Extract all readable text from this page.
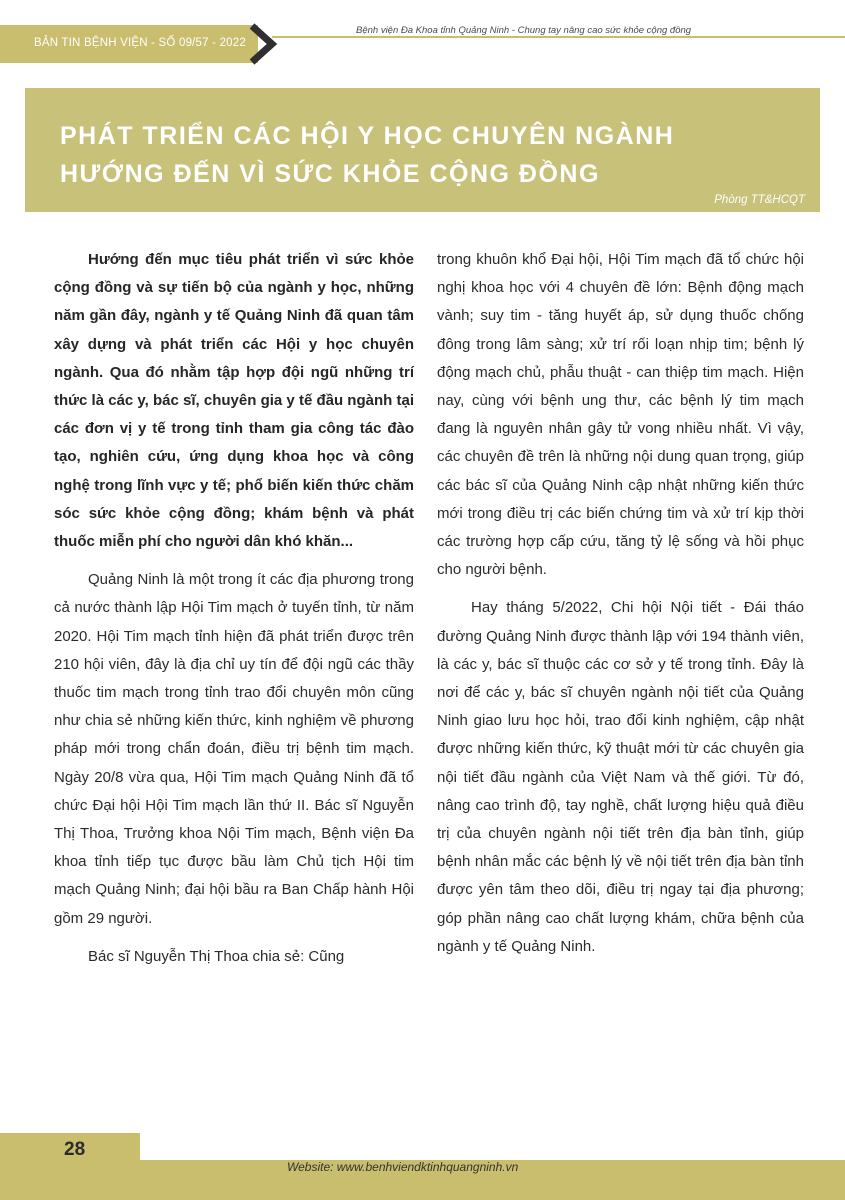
BẢN TIN BỆNH VIỆN - SỐ 09/57 - 2022
Bệnh viện Đa Khoa tỉnh Quảng Ninh - Chung tay nâng cao sức khỏe cộng đồng
PHÁT TRIỂN CÁC HỘI Y HỌC CHUYÊN NGÀNH
HƯỚNG ĐẾN VÌ SỨC KHỎE CỘNG ĐỒNG
Phòng TT&HCQT

Hướng đến mục tiêu phát triển vì sức khỏe cộng đồng và sự tiến bộ của ngành y học, những năm gần đây, ngành y tế Quảng Ninh đã quan tâm xây dựng và phát triển các Hội y học chuyên ngành. Qua đó nhằm tập hợp đội ngũ những trí thức là các y, bác sĩ, chuyên gia y tế đầu ngành tại các đơn vị y tế trong tỉnh tham gia công tác đào tạo, nghiên cứu, ứng dụng khoa học và công nghệ trong lĩnh vực y tế; phổ biến kiến thức chăm sóc sức khỏe cộng đồng; khám bệnh và phát thuốc miễn phí cho người dân khó khăn...

Quảng Ninh là một trong ít các địa phương trong cả nước thành lập Hội Tim mạch ở tuyến tỉnh, từ năm 2020. Hội Tim mạch tỉnh hiện đã phát triển được trên 210 hội viên, đây là địa chỉ uy tín để đội ngũ các thầy thuốc tim mạch trong tỉnh trao đổi chuyên môn cũng như chia sẻ những kiến thức, kinh nghiệm về phương pháp mới trong chẩn đoán, điều trị bệnh tim mạch. Ngày 20/8 vừa qua, Hội Tim mạch Quảng Ninh đã tổ chức Đại hội Hội Tim mạch lần thứ II. Bác sĩ Nguyễn Thị Thoa, Trưởng khoa Nội Tim mạch, Bệnh viện Đa khoa tỉnh tiếp tục được bầu làm Chủ tịch Hội tim mạch Quảng Ninh; đại hội bầu ra Ban Chấp hành Hội gồm 29 người.

Bác sĩ Nguyễn Thị Thoa chia sẻ: Cũng

trong khuôn khổ Đại hội, Hội Tim mạch đã tổ chức hội nghị khoa học với 4 chuyên đề lớn: Bệnh động mạch vành; suy tim - tăng huyết áp, sử dụng thuốc chống đông trong lâm sàng; xử trí rối loạn nhịp tim; bệnh lý động mạch chủ, phẫu thuật - can thiệp tim mạch. Hiện nay, cùng với bệnh ung thư, các bệnh lý tim mạch đang là nguyên nhân gây tử vong nhiều nhất. Vì vậy, các chuyên đề trên là những nội dung quan trọng, giúp các bác sĩ của Quảng Ninh cập nhật những kiến thức mới trong điều trị các biến chứng tim và xử trí kịp thời các trường hợp cấp cứu, tăng tỷ lệ sống và hồi phục cho người bệnh.

Hay tháng 5/2022, Chi hội Nội tiết - Đái tháo đường Quảng Ninh được thành lập với 194 thành viên, là các y, bác sĩ thuộc các cơ sở y tế trong tỉnh. Đây là nơi để các y, bác sĩ chuyên ngành nội tiết của Quảng Ninh giao lưu học hỏi, trao đổi kinh nghiệm, cập nhật được những kiến thức, kỹ thuật mới từ các chuyên gia nội tiết đầu ngành của Việt Nam và thế giới. Từ đó, nâng cao trình độ, tay nghề, chất lượng hiệu quả điều trị của chuyên ngành nội tiết trên địa bàn tỉnh, giúp bệnh nhân mắc các bệnh lý về nội tiết trên địa bàn tỉnh được yên tâm theo dõi, điều trị ngay tại địa phương; góp phần nâng cao chất lượng khám, chữa bệnh của ngành y tế Quảng Ninh.

28
Website: www.benhviendktinhquangninh.vn
